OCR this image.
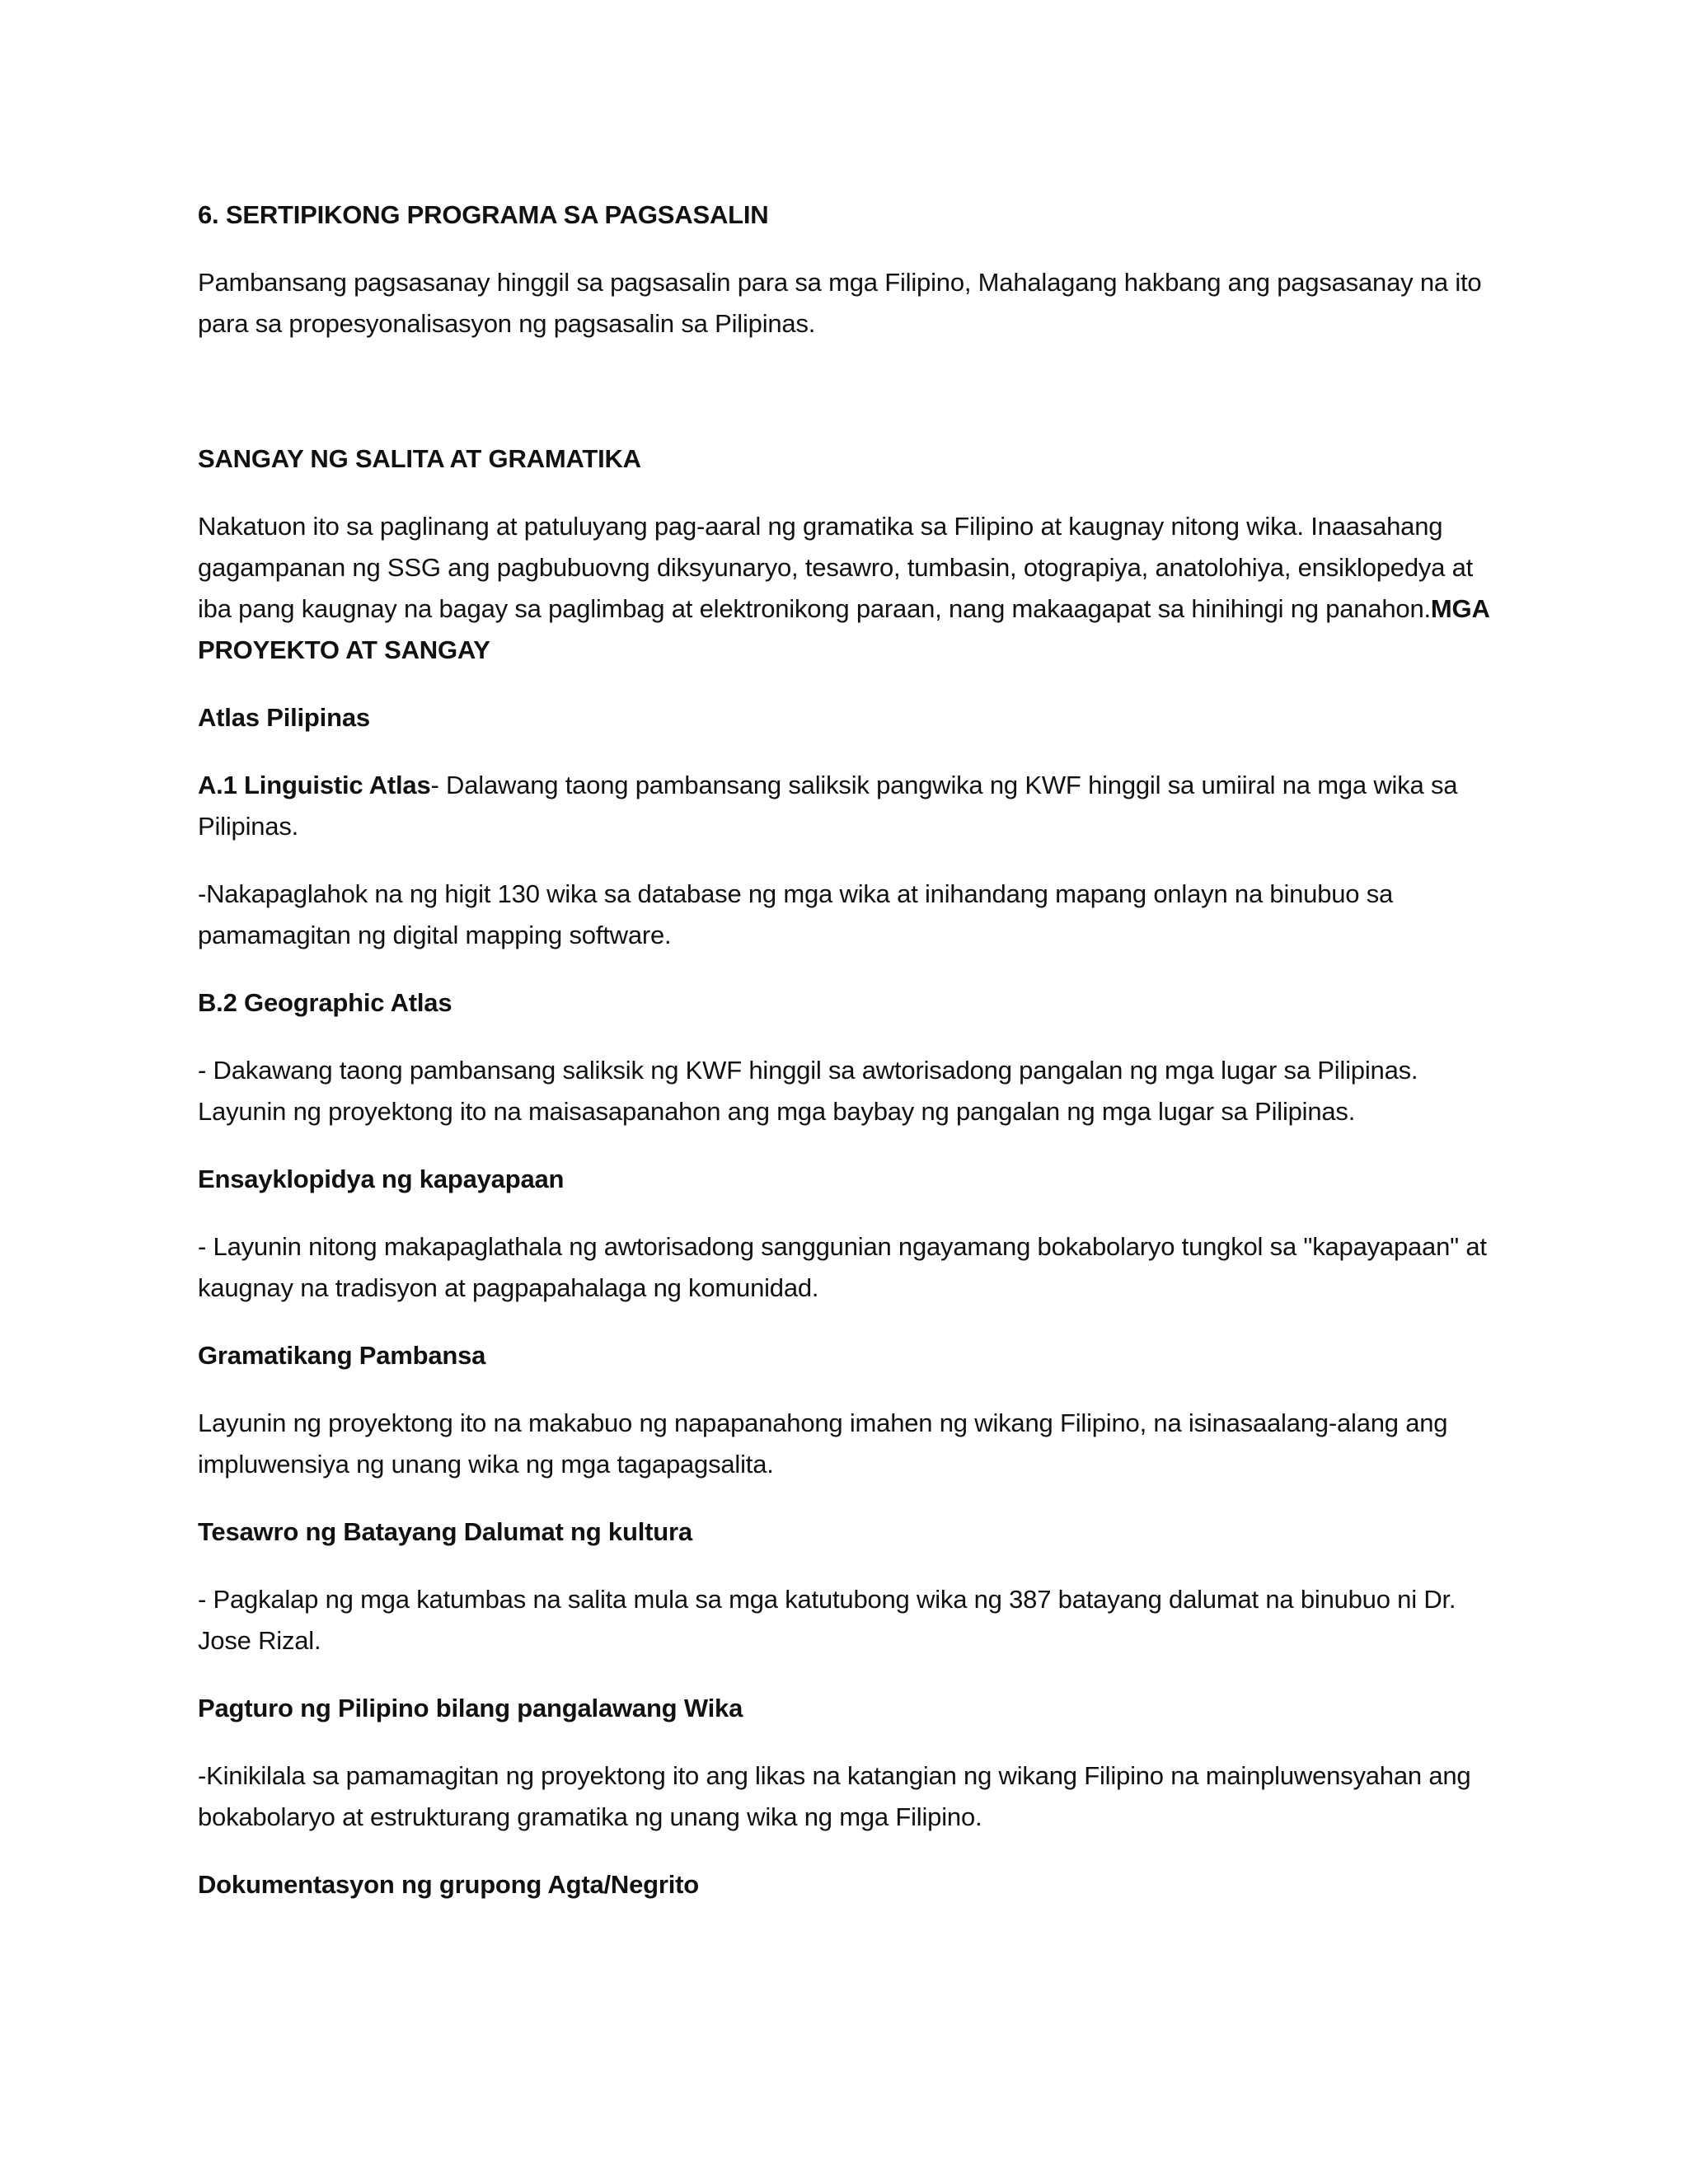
6. SERTIPIKONG PROGRAMA SA PAGSASALIN

Pambansang pagsasanay hinggil sa pagsasalin para sa mga Filipino, Mahalagang hakbang ang pagsasanay na ito para sa propesyonalisasyon ng pagsasalin sa Pilipinas.

SANGAY NG SALITA AT GRAMATIKA

Nakatuon ito sa paglinang at patuluyang pag-aaral ng gramatika sa Filipino at kaugnay nitong wika. Inaasahang gagampanan ng SSG ang pagbubuovng diksyunaryo, tesawro, tumbasin, otograpiya, anatolohiya, ensiklopedya at iba pang kaugnay na bagay sa paglimbag at elektronikong paraan, nang makaagapat sa hinihingi ng panahon.MGA PROYEKTO AT SANGAY

Atlas Pilipinas

A.1 Linguistic Atlas- Dalawang taong pambansang saliksik pangwika ng KWF hinggil sa umiiral na mga wika sa Pilipinas.

-Nakapaglahok na ng higit 130 wika sa database ng mga wika at inihandang mapang onlayn na binubuo sa pamamagitan ng digital mapping software.

B.2 Geographic Atlas

- Dakawang taong pambansang saliksik ng KWF hinggil sa awtorisadong pangalan ng mga lugar sa Pilipinas. Layunin ng proyektong ito na maisasapanahon ang mga baybay ng pangalan ng mga lugar sa Pilipinas.

Ensayklopidya ng kapayapaan

- Layunin nitong makapaglathala ng awtorisadong sanggunian ngayamang bokabolaryo tungkol sa "kapayapaan" at kaugnay na tradisyon at pagpapahalaga ng komunidad.

Gramatikang Pambansa

Layunin ng proyektong ito na makabuo ng napapanahong imahen ng wikang Filipino, na isinasaalang-alang ang impluwensiya ng unang wika ng mga tagapagsalita.

Tesawro ng Batayang Dalumat ng kultura

- Pagkalap ng mga katumbas na salita mula sa mga katutubong wika ng 387 batayang dalumat na binubuo ni Dr. Jose Rizal.

Pagturo ng Pilipino bilang pangalawang Wika

-Kinikilala sa pamamagitan ng proyektong ito ang likas na katangian ng wikang Filipino na mainpluwensyahan ang bokabolaryo at estrukturang gramatika ng unang wika ng mga Filipino.

Dokumentasyon ng grupong Agta/Negrito
